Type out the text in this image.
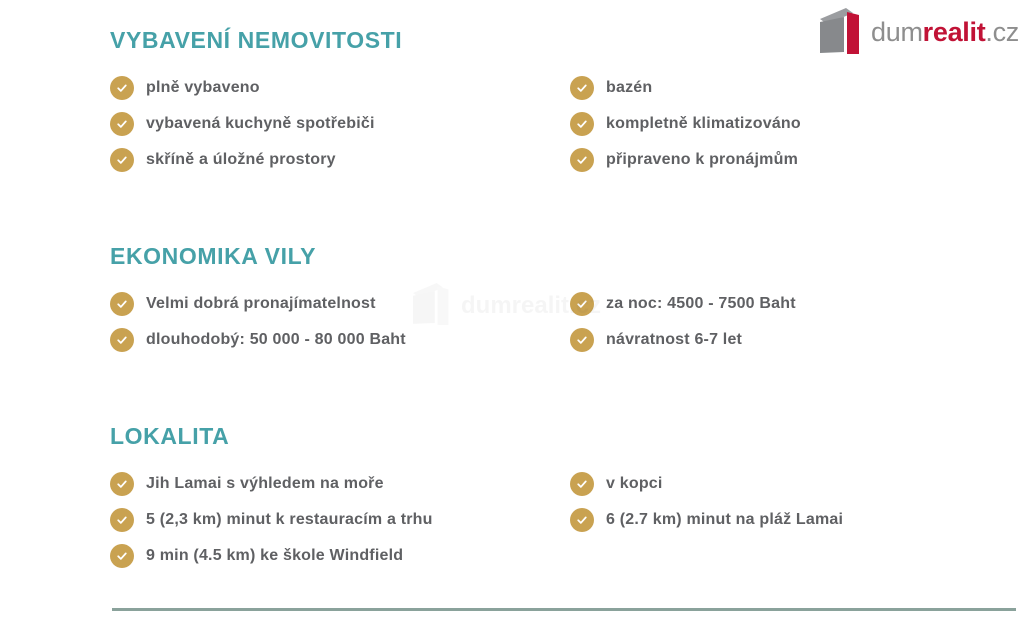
dumrealit.cz
dumrealit.cz
VYBAVENÍ NEMOVITOSTI
plně vybaveno
vybavená kuchyně spotřebiči
skříně a úložné prostory
bazén
kompletně klimatizováno
připraveno k pronájmům
EKONOMIKA VILY
Velmi dobrá pronajímatelnost
dlouhodobý: 50 000 - 80 000 Baht
za noc: 4500 - 7500 Baht
návratnost 6-7 let
LOKALITA
Jih Lamai s výhledem na moře
5 (2,3 km) minut k restauracím a trhu
9 min (4.5 km) ke škole Windfield
v kopci
6 (2.7 km) minut na pláž Lamai
